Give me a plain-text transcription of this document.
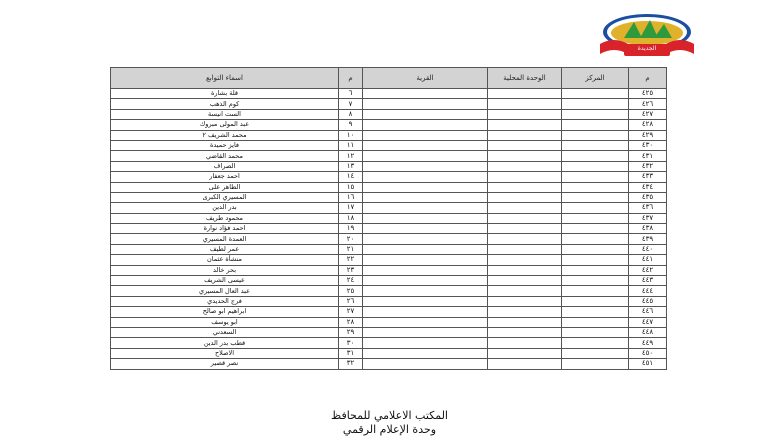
الجديدة
م	المركز	الوحدة المحلية	القرية	م	اسماء التوابع
٤٢٥				٦	قلة بشارة
٤٢٦				٧	كوم الذهب
٤٢٧				٨	الست انيسة
٤٢٨				٩	عبد المولى مبروك
٤٢٩				١٠	محمد الشريف ٢
٤٣٠				١١	فايز حميدة
٤٣١				١٢	محمد القاضي
٤٣٢				١٣	الصراف
٤٣٣				١٤	احمد جعفار
٤٣٤				١٥	الطاهر على
٤٣٥				١٦	المسيري الكبرى
٤٣٦				١٧	بدر الدين
٤٣٧				١٨	محمود طريف
٤٣٨				١٩	احمد فؤاد نوارة
٤٣٩				٢٠	العمدة المسيري
٤٤٠				٢١	عمر لطيف
٤٤١				٢٢	منشأة عثمان
٤٤٢				٢٣	بحر خالد
٤٤٣				٢٤	عيسى الشريف
٤٤٤				٢٥	عبد العال المسيري
٤٤٥				٢٦	فرج الحديدي
٤٤٦				٢٧	ابراهيم ابو صالح
٤٤٧				٢٨	ابو يوسف
٤٤٨				٢٩	السعدني
٤٤٩				٣٠	قطب بدر الدين
٤٥٠				٣١	الاصلاح
٤٥١				٣٢	نصر قصير
المكتب الاعلامي للمحافظ
وحدة الإعلام الرقمي
